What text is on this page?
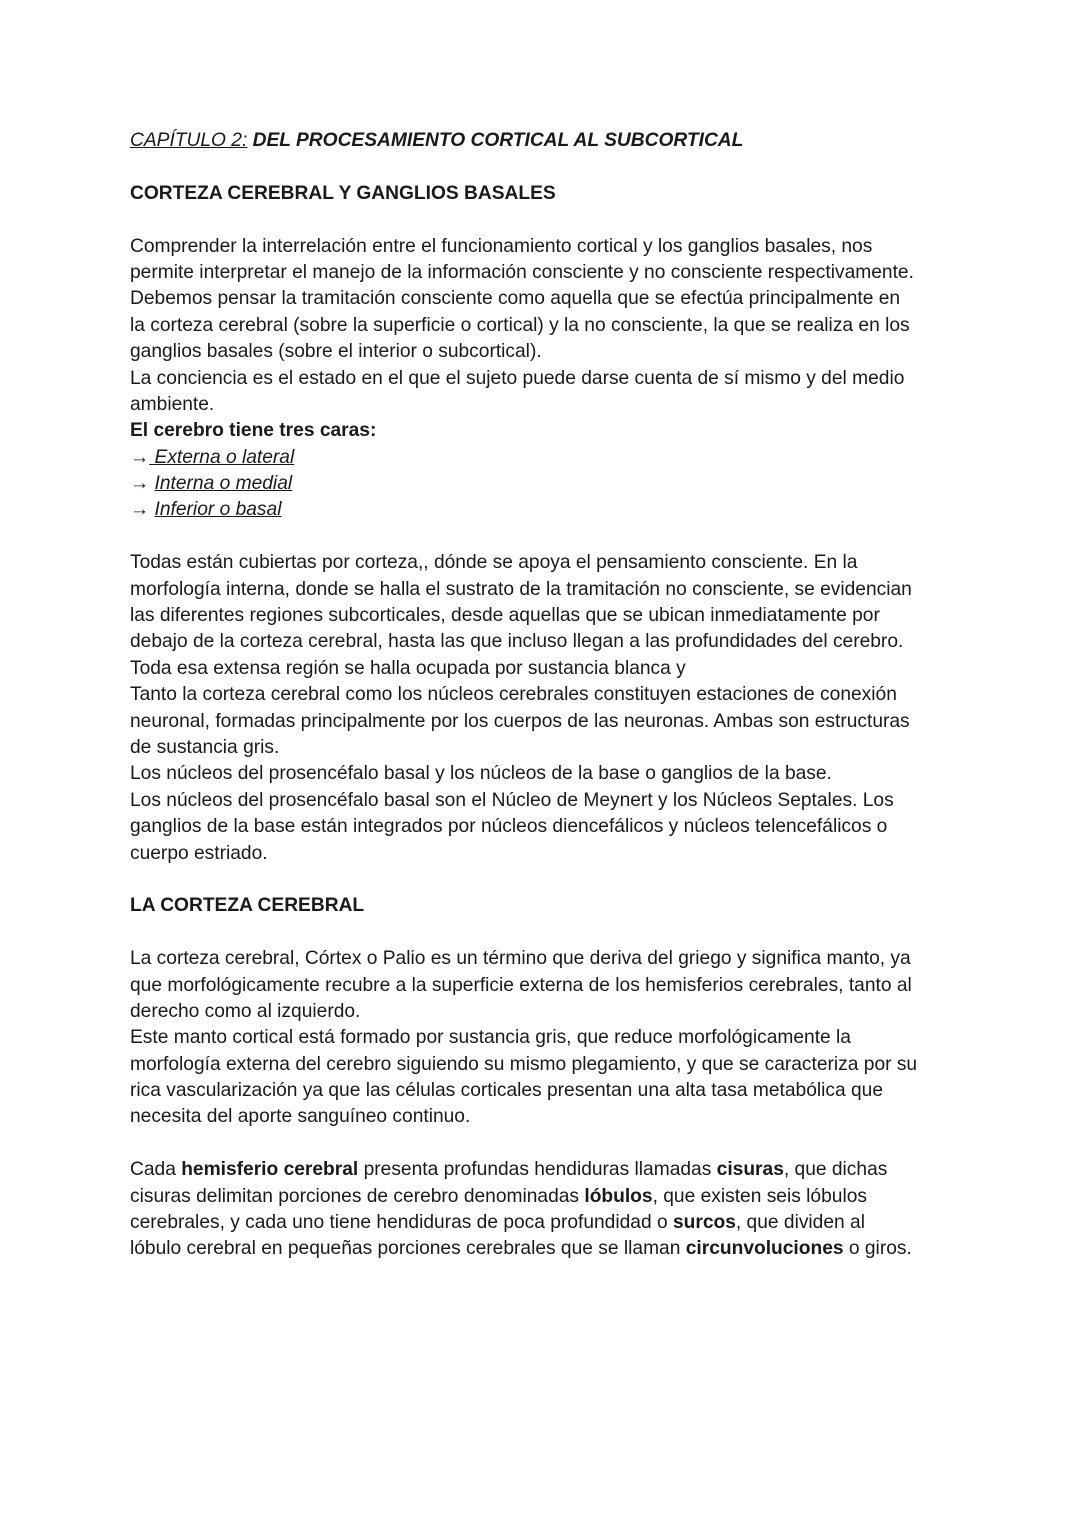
CAPÍTULO 2: DEL PROCESAMIENTO CORTICAL AL SUBCORTICAL
CORTEZA CEREBRAL Y GANGLIOS BASALES
Comprender la interrelación entre el funcionamiento cortical y los ganglios basales, nos
permite interpretar el manejo de la información consciente y no consciente respectivamente.
Debemos pensar la tramitación consciente como aquella que se efectúa principalmente en
la corteza cerebral (sobre la superficie o cortical) y la no consciente, la que se realiza en los
ganglios basales (sobre el interior o subcortical).
La conciencia es el estado en el que el sujeto puede darse cuenta de sí mismo y del medio
ambiente.
El cerebro tiene tres caras:
→ Externa o lateral
→ Interna o medial
→ Inferior o basal
Todas están cubiertas por corteza,, dónde se apoya el pensamiento consciente. En la
morfología interna, donde se halla el sustrato de la tramitación no consciente, se evidencian
las diferentes regiones subcorticales, desde aquellas que se ubican inmediatamente por
debajo de la corteza cerebral, hasta las que incluso llegan a las profundidades del cerebro.
Toda esa extensa región se halla ocupada por sustancia blanca y
Tanto la corteza cerebral como los núcleos cerebrales constituyen estaciones de conexión
neuronal, formadas principalmente por los cuerpos de las neuronas. Ambas son estructuras
de sustancia gris.
Los núcleos del prosencéfalo basal y los núcleos de la base o ganglios de la base.
Los núcleos del prosencéfalo basal son el Núcleo de Meynert y los Núcleos Septales. Los
ganglios de la base están integrados por núcleos diencefálicos y núcleos telencefálicos o
cuerpo estriado.
LA CORTEZA CEREBRAL
La corteza cerebral, Córtex o Palio es un término que deriva del griego y significa manto, ya
que morfológicamente recubre a la superficie externa de los hemisferios cerebrales, tanto al
derecho como al izquierdo.
Este manto cortical está formado por sustancia gris, que reduce morfológicamente la
morfología externa del cerebro siguiendo su mismo plegamiento, y que se caracteriza por su
rica vascularización ya que las células corticales presentan una alta tasa metabólica que
necesita del aporte sanguíneo continuo.
Cada hemisferio cerebral presenta profundas hendiduras llamadas cisuras, que dichas
cisuras delimitan porciones de cerebro denominadas lóbulos, que existen seis lóbulos
cerebrales, y cada uno tiene hendiduras de poca profundidad o surcos, que dividen al
lóbulo cerebral en pequeñas porciones cerebrales que se llaman circunvoluciones o giros.
